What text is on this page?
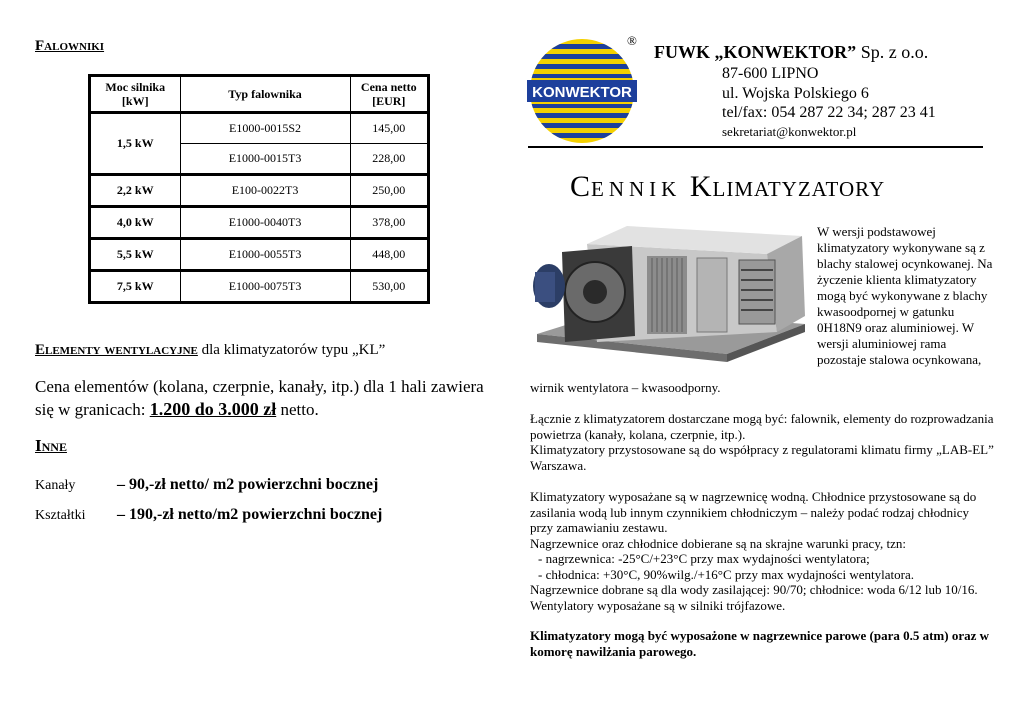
Falowniki
Moc silnika [kW]	Typ falownika	Cena netto [EUR]
1,5 kW	E1000-0015S2	145,00
	E1000-0015T3	228,00
2,2 kW	E100-0022T3	250,00
4,0 kW	E1000-0040T3	378,00
5,5 kW	E1000-0055T3	448,00
7,5 kW	E1000-0075T3	530,00
Elementy wentylacyjne dla klimatyzatorów typu „KL”
Cena elementów (kolana, czerpnie, kanały, itp.) dla 1 hali zawiera się w granicach: 1.200 do 3.000 zł netto.
Inne
Kanały	– 90,-zł netto/ m2 powierzchni bocznej
Kształtki – 190,-zł netto/m2 powierzchni bocznej
KONWEKTOR
®
FUWK „KONWEKTOR” Sp. z o.o.
87-600 LIPNO
ul. Wojska Polskiego 6
tel/fax: 054 287 22 34; 287 23 41
sekretariat@konwektor.pl
CENNIK KLIMATYZATORY
W wersji podstawowej klimatyzatory wykonywane są z blachy stalowej ocynkowanej. Na życzenie klienta klimatyzatory mogą być wykonywane z blachy kwasoodpornej w gatunku 0H18N9 oraz aluminiowej. W wersji aluminiowej rama pozostaje stalowa ocynkowana,
wirnik wentylatora – kwasoodporny.
Łącznie z klimatyzatorem dostarczane mogą być: falownik, elementy do rozprowadzania powietrza (kanały, kolana, czerpnie, itp.).
Klimatyzatory przystosowane są do współpracy z regulatorami klimatu firmy „LAB-EL” Warszawa.
Klimatyzatory wyposażane są w nagrzewnicę wodną. Chłodnice przystosowane są do zasilania wodą lub innym czynnikiem chłodniczym – należy podać rodzaj chłodnicy przy zamawianiu zestawu.
Nagrzewnice oraz chłodnice dobierane są na skrajne warunki pracy, tzn:
- nagrzewnica: -25°C/+23°C przy max wydajności wentylatora;
- chłodnica: +30°C, 90%wilg./+16°C przy max wydajności wentylatora.
Nagrzewnice dobrane są dla wody zasilającej: 90/70; chłodnice: woda 6/12 lub 10/16.
Wentylatory wyposażane są w silniki trójfazowe.
Klimatyzatory mogą być wyposażone w nagrzewnice parowe (para 0.5 atm) oraz w komorę nawilżania parowego.
